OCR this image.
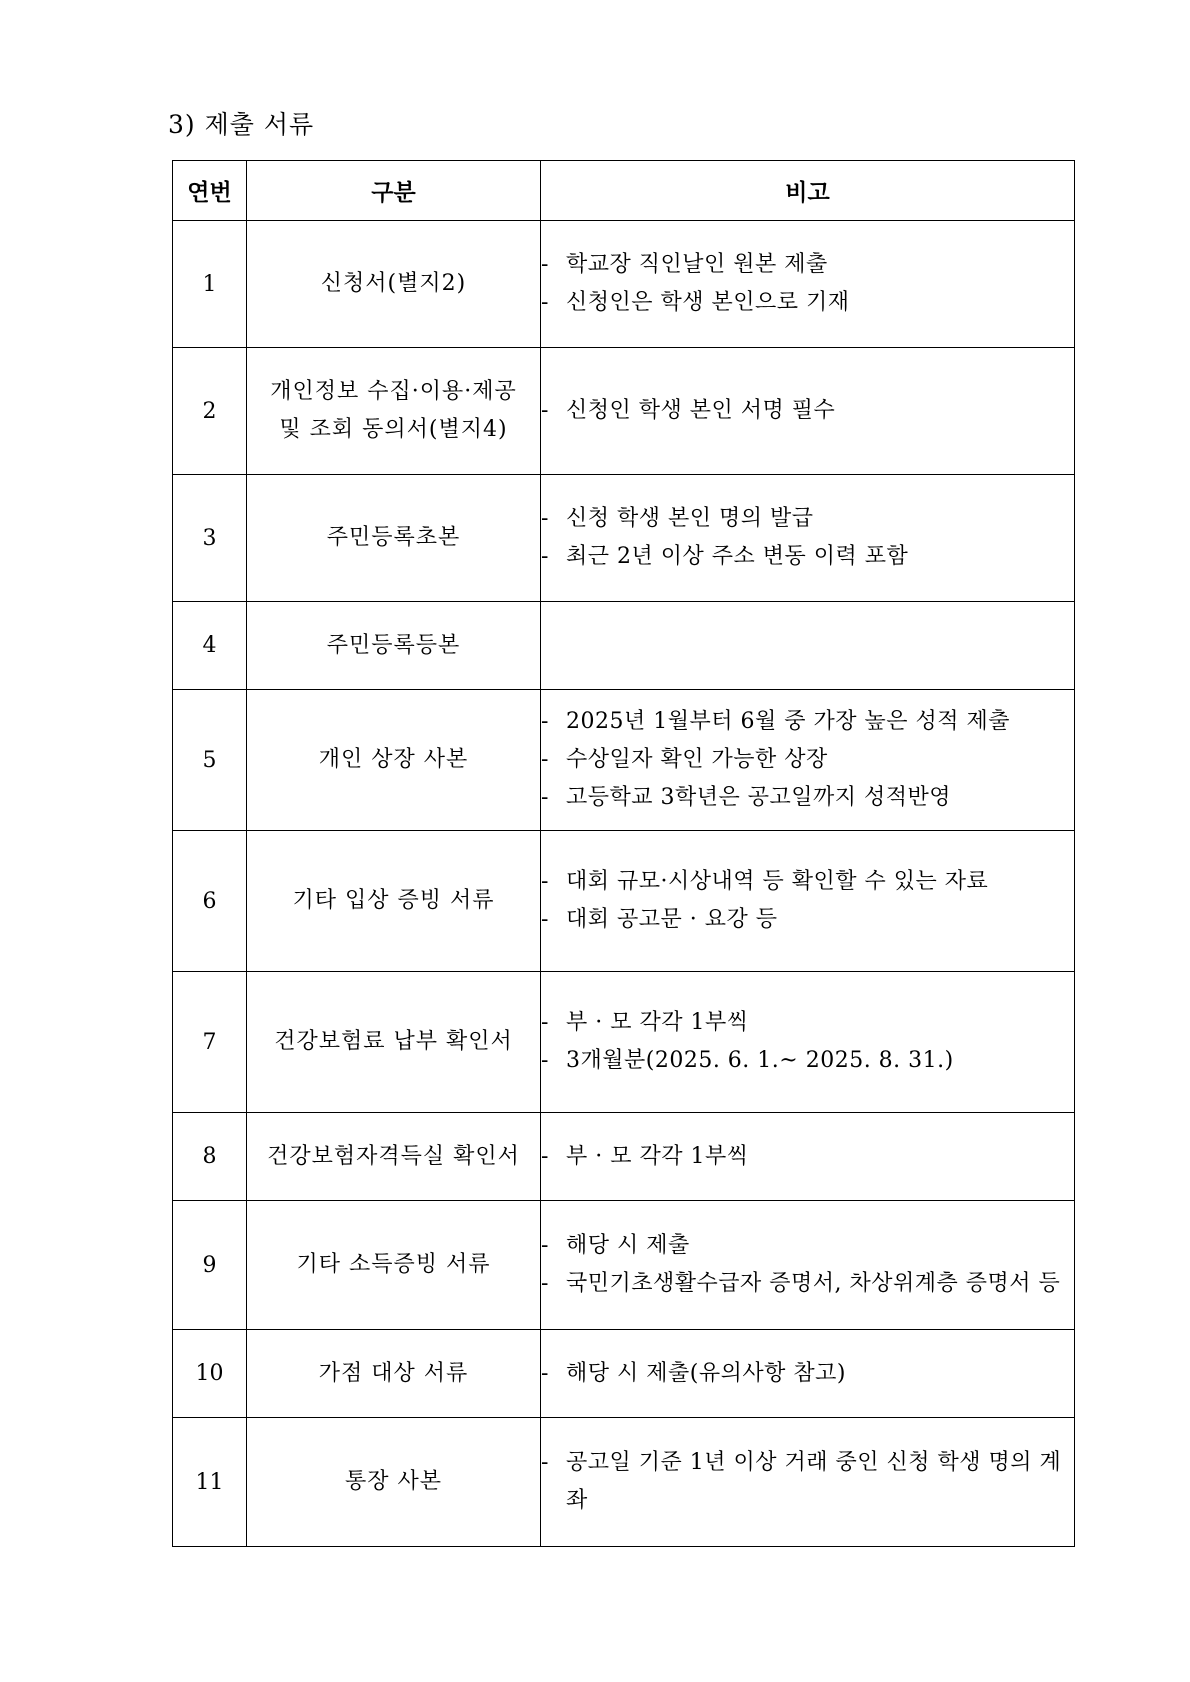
3) 제출 서류
연번	구분	비고
1	신청서(별지2)	- 학교장 직인날인 원본 제출
- 신청인은 학생 본인으로 기재

2	개인정보 수집·이용·제공
및 조회 동의서(별지4)	- 신청인 학생 본인 서명 필수

3	주민등록초본	- 신청 학생 본인 명의 발급
- 최근 2년 이상 주소 변동 이력 포함

4	주민등록등본	
5	개인 상장 사본	- 2025년 1월부터 6월 중 가장 높은 성적 제출
- 수상일자 확인 가능한 상장
- 고등학교 3학년은 공고일까지 성적반영

6	기타 입상 증빙 서류	- 대회 규모·시상내역 등 확인할 수 있는 자료
- 대회 공고문 · 요강 등

7	건강보험료 납부 확인서	- 부 · 모 각각 1부씩
- 3개월분(2025. 6. 1.~ 2025. 8. 31.)

8	건강보험자격득실 확인서	- 부 · 모 각각 1부씩

9	기타 소득증빙 서류	- 해당 시 제출
- 국민기초생활수급자 증명서, 차상위계층 증명서 등

10	가점 대상 서류	- 해당 시 제출(유의사항 참고)

11	통장 사본	- 공고일 기준 1년 이상 거래 중인 신청 학생 명의 계좌
